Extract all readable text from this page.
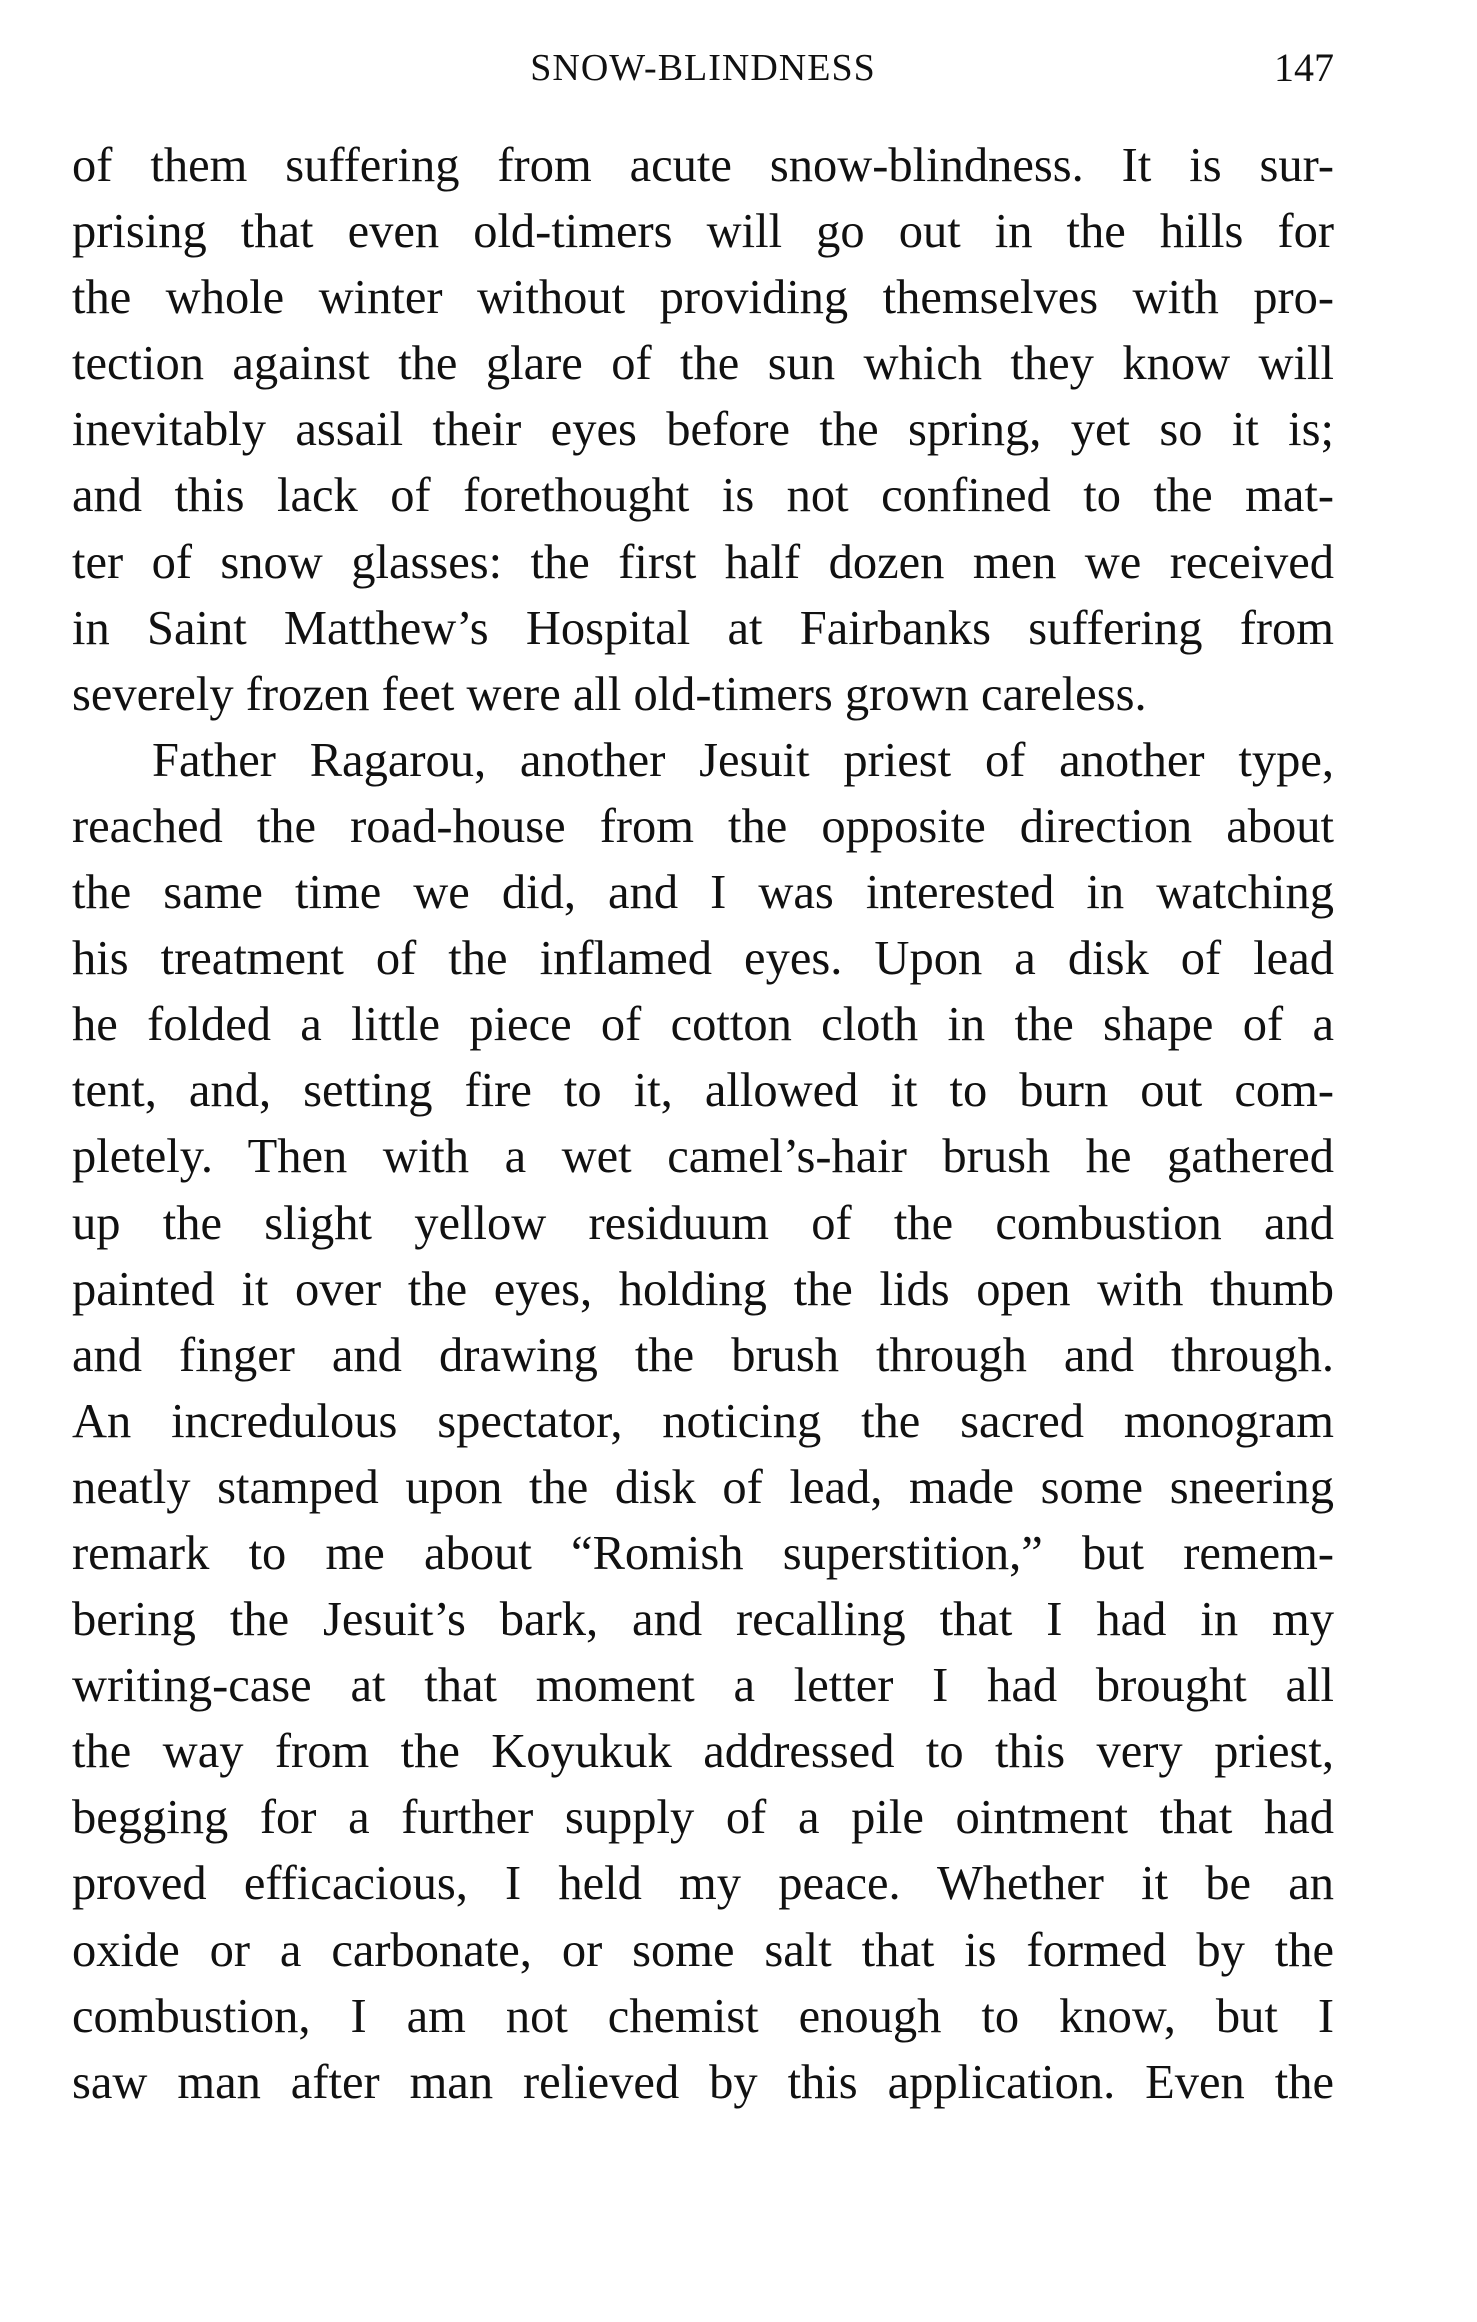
SNOW-BLINDNESS	147
of them suffering from acute snow-blindness. It is sur-
prising that even old-timers will go out in the hills for
the whole winter without providing themselves with pro-
tection against the glare of the sun which they know will
inevitably assail their eyes before the spring, yet so it is;
and this lack of forethought is not confined to the mat-
ter of snow glasses: the first half dozen men we received
in Saint Matthew’s Hospital at Fairbanks suffering from
severely frozen feet were all old-timers grown careless.
Father Ragarou, another Jesuit priest of another type,
reached the road-house from the opposite direction about
the same time we did, and I was interested in watching
his treatment of the inflamed eyes. Upon a disk of lead
he folded a little piece of cotton cloth in the shape of a
tent, and, setting fire to it, allowed it to burn out com-
pletely. Then with a wet camel’s-hair brush he gathered
up the slight yellow residuum of the combustion and
painted it over the eyes, holding the lids open with thumb
and finger and drawing the brush through and through.
An incredulous spectator, noticing the sacred monogram
neatly stamped upon the disk of lead, made some sneering
remark to me about “Romish superstition,” but remem-
bering the Jesuit’s bark, and recalling that I had in my
writing-case at that moment a letter I had brought all
the way from the Koyukuk addressed to this very priest,
begging for a further supply of a pile ointment that had
proved efficacious, I held my peace. Whether it be an
oxide or a carbonate, or some salt that is formed by the
combustion, I am not chemist enough to know, but I
saw man after man relieved by this application. Even the
